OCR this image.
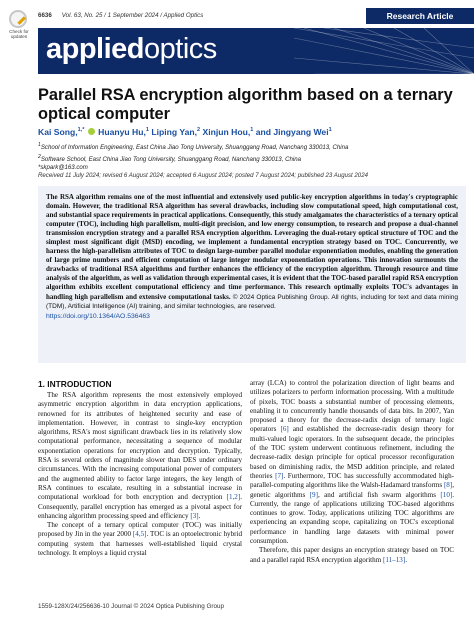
Check for updates
6636 Vol. 63, No. 25 / 1 September 2024 / Applied Optics	Research Article
appliedoptics
Parallel RSA encryption algorithm based on a ternary optical computer
Kai Song,$^{1,*}$ Huanyu Hu,$^1$ Liping Yan,$^2$ Xinjun Hou,$^1$ and Jingyang Wei$^1$
$^1$School of Information Engineering, East China Jiao Tong University, Shuanggang Road, Nanchang 330013, China
$^2$Software School, East China Jiao Tong University, Shuanggang Road, Nanchang 330013, China
*skpark@163.com
Received 11 July 2024; revised 6 August 2024; accepted 6 August 2024; posted 7 August 2024; published 23 August 2024

The RSA algorithm remains one of the most influential and extensively used public-key encryption algorithms in today's cryptographic domain. However, the traditional RSA algorithm has several drawbacks, including slow computational speed, high computational cost, and substantial space requirements in practical applications. Consequently, this study amalgamates the characteristics of a ternary optical computer (TOC), including high parallelism, multi-digit precision, and low energy consumption, to research and propose a dual-channel transmission encryption strategy and a parallel RSA encryption algorithm. Leveraging the dual-rotary optical structure of TOC and the simplest most significant digit (MSD) encoding, we implement a fundamental encryption strategy based on TOC. Concurrently, we harness the high-parallelism attributes of TOC to design large-number parallel modular exponentiation modules, enabling the generation of large prime numbers and efficient computation of large integer modular exponentiation operations. This innovation surmounts the drawbacks of traditional RSA algorithms and further enhances the efficiency of the encryption algorithm. Through resource and time analysis of the algorithm, as well as validation through experimental cases, it is evident that the TOC-based parallel rapid RSA encryption algorithm exhibits excellent computational efficiency and time performance. This research optimally exploits TOC's advantages in handling high parallelism and extensive computational tasks. © 2024 Optica Publishing Group. All rights, including for text and data mining (TDM), Artificial Intelligence (AI) training, and similar technologies, are reserved.

https://doi.org/10.1364/AO.536463
1. INTRODUCTION

The RSA algorithm represents the most extensively employed asymmetric encryption algorithm in data encryption applications, renowned for its attributes of heightened security and ease of implementation. However, in contrast to single-key encryption algorithms, RSA's most significant drawback lies in its relatively slow computational performance, necessitating a sequence of modular exponentiation operations for encryption and decryption. Typically, RSA is several orders of magnitude slower than DES under ordinary circumstances. With the increasing computational power of computers and the augmented ability to factor large integers, the key length of RSA continues to escalate, resulting in a substantial increase in computational workload for both encryption and decryption [1,2]. Consequently, parallel encryption has emerged as a pivotal aspect for enhancing algorithm processing speed and efficiency [3].

The concept of a ternary optical computer (TOC) was initially proposed by Jin in the year 2000 [4,5]. TOC is an optoelectronic hybrid computing system that harnesses well-established liquid crystal technology. It employs a liquid crystal

array (LCA) to control the polarization direction of light beams and utilizes polarizers to perform information processing. With a multitude of pixels, TOC boasts a substantial number of processing elements, enabling it to concurrently handle thousands of data bits. In 2007, Yan proposed a theory for the decrease-radix design of ternary logic operators [6] and established the decrease-radix design theory for multi-valued logic operators. In the subsequent decade, the principles of the TOC system underwent continuous refinement, including the decrease-radix design principle for optical processor reconfiguration based on diminishing radix, the MSD addition principle, and related theories [7]. Furthermore, TOC has successfully accommodated high-parallel-computing algorithms like the Walsh-Hadamard transforms [8], genetic algorithms [9], and artificial fish swarm algorithms [10]. Currently, the range of applications utilizing TOC-based algorithms continues to grow. Today, applications utilizing TOC algorithms are experiencing an expanding scope, capitalizing on TOC's exceptional performance in handling large datasets with minimal power consumption.

Therefore, this paper designs an encryption strategy based on TOC and a parallel rapid RSA encryption algorithm [11–13].

1559-128X/24/256636-10 Journal © 2024 Optica Publishing Group
